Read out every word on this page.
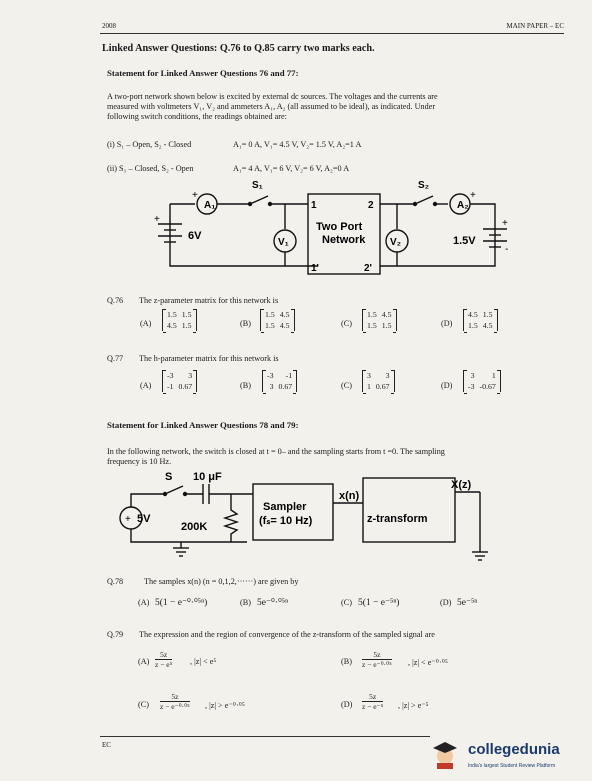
2008	MAIN PAPER – EC
Linked Answer Questions: Q.76 to Q.85 carry two marks each.
Statement for Linked Answer Questions 76 and 77:
A two-port network shown below is excited by external dc sources. The voltages and the currents are
measured with voltmeters V₁, V₂ and ammeters A₁, A₂ (all assumed to be ideal), as indicated. Under
following switch conditions, the readings obtained are:
(i) S₁ – Open, S₂ - Closed	A₁= 0 A, V₁= 4.5 V, V₂= 1.5 V, A₂=1 A
(ii) S₁ – Closed, S₂ - Open	A₁= 4 A, V₁= 6 V, V₂= 6 V, A₂=0 A
A₁	A₂
V₁	V₂
S₁	S₂
6V	1.5V
Two Port
Network
1	2
1'	2'
+
+	+
+
-
Q.76 The z-parameter matrix for this network is
(A)
1.5 1.5
4.5 1.5	(B)
1.5 4.5
1.5 4.5	(C)
1.5 4.5
1.5 1.5	(D)
4.5 1.5
1.5 4.5
Q.77 The h-parameter matrix for this network is
(A)
-3	3
-1 0.67	(B)
-3	-1
3 0.67	(C)
3	3
1 0.67	(D)
3	1
-3 -0.67
Statement for Linked Answer Questions 78 and 79:
In the following network, the switch is closed at t = 0– and the sampling starts from t =0. The sampling
frequency is 10 Hz.
S 10 μF
5V
200K
Sampler
(fₛ= 10 Hz)
x(n)
z-transform
X(z)
+
Q.78	The samples x(n) (n = 0,1,2,······) are given by
(A) 5(1 − e⁻⁰·⁰⁵ⁿ)	(B) 5e⁻⁰·⁰⁵ⁿ	(C) 5(1 − e⁻⁵ⁿ)	(D) 5e⁻⁵ⁿ
Q.79 The expression and the region of convergence of the z-transform of the sampled signal are
$(A) \frac{5z}{\text{z − e⁵}}$ , |z| < e⁵	$(B) \frac{5z}{\text{z − e⁻⁰·⁰⁵}}$ , |z| < e⁻⁰·⁰⁵
$(C) \frac{5z}{\text{z − e⁻⁰·⁰⁵}}$ , |z| > e⁻⁰·⁰⁵	$(D) \frac{5z}{\text{z − e⁻⁵}}$ , |z| > e⁻⁵
EC	collegedunia
India's largest Student Review Platform
